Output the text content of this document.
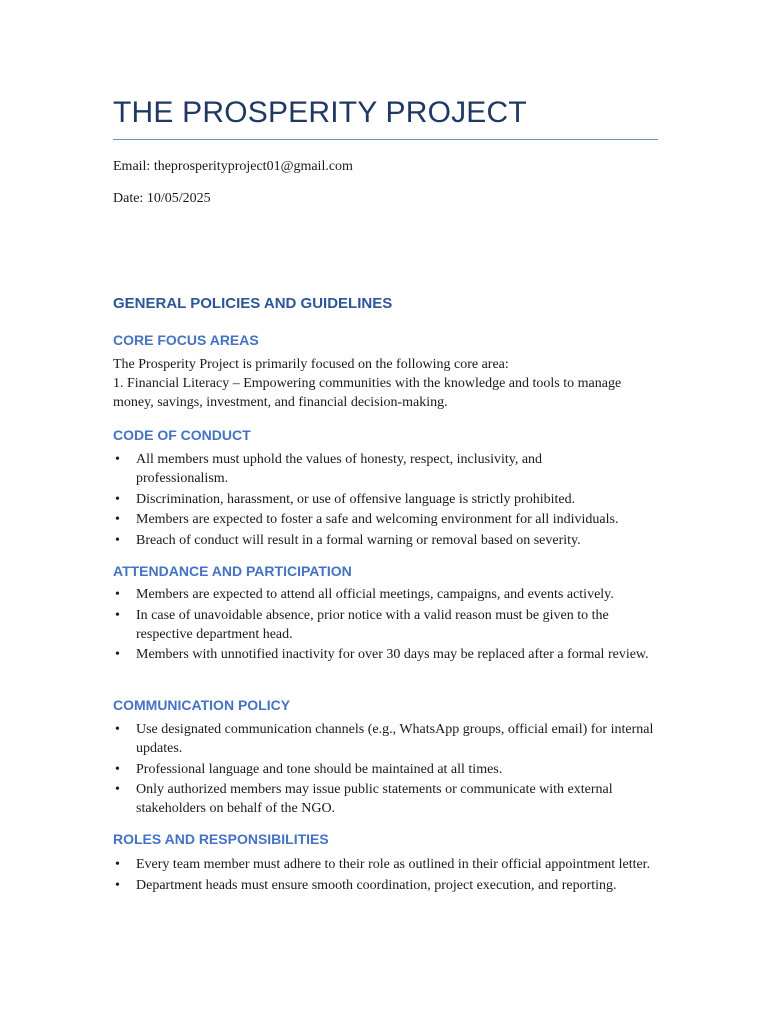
THE PROSPERITY PROJECT
Email: theprosperityproject01@gmail.com
Date: 10/05/2025
GENERAL POLICIES AND GUIDELINES
CORE FOCUS AREAS
The Prosperity Project is primarily focused on the following core area:
1. Financial Literacy – Empowering communities with the knowledge and tools to manage
money, savings, investment, and financial decision-making.
CODE OF CONDUCT
• All members must uphold the values of honesty, respect, inclusivity, and professionalism.
• Discrimination, harassment, or use of offensive language is strictly prohibited.
• Members are expected to foster a safe and welcoming environment for all individuals.
• Breach of conduct will result in a formal warning or removal based on severity.
ATTENDANCE AND PARTICIPATION
• Members are expected to attend all official meetings, campaigns, and events actively.
• In case of unavoidable absence, prior notice with a valid reason must be given to the respective department head.
• Members with unnotified inactivity for over 30 days may be replaced after a formal review.
COMMUNICATION POLICY
• Use designated communication channels (e.g., WhatsApp groups, official email) for internal updates.
• Professional language and tone should be maintained at all times.
• Only authorized members may issue public statements or communicate with external stakeholders on behalf of the NGO.
ROLES AND RESPONSIBILITIES
• Every team member must adhere to their role as outlined in their official appointment letter.
• Department heads must ensure smooth coordination, project execution, and reporting.
